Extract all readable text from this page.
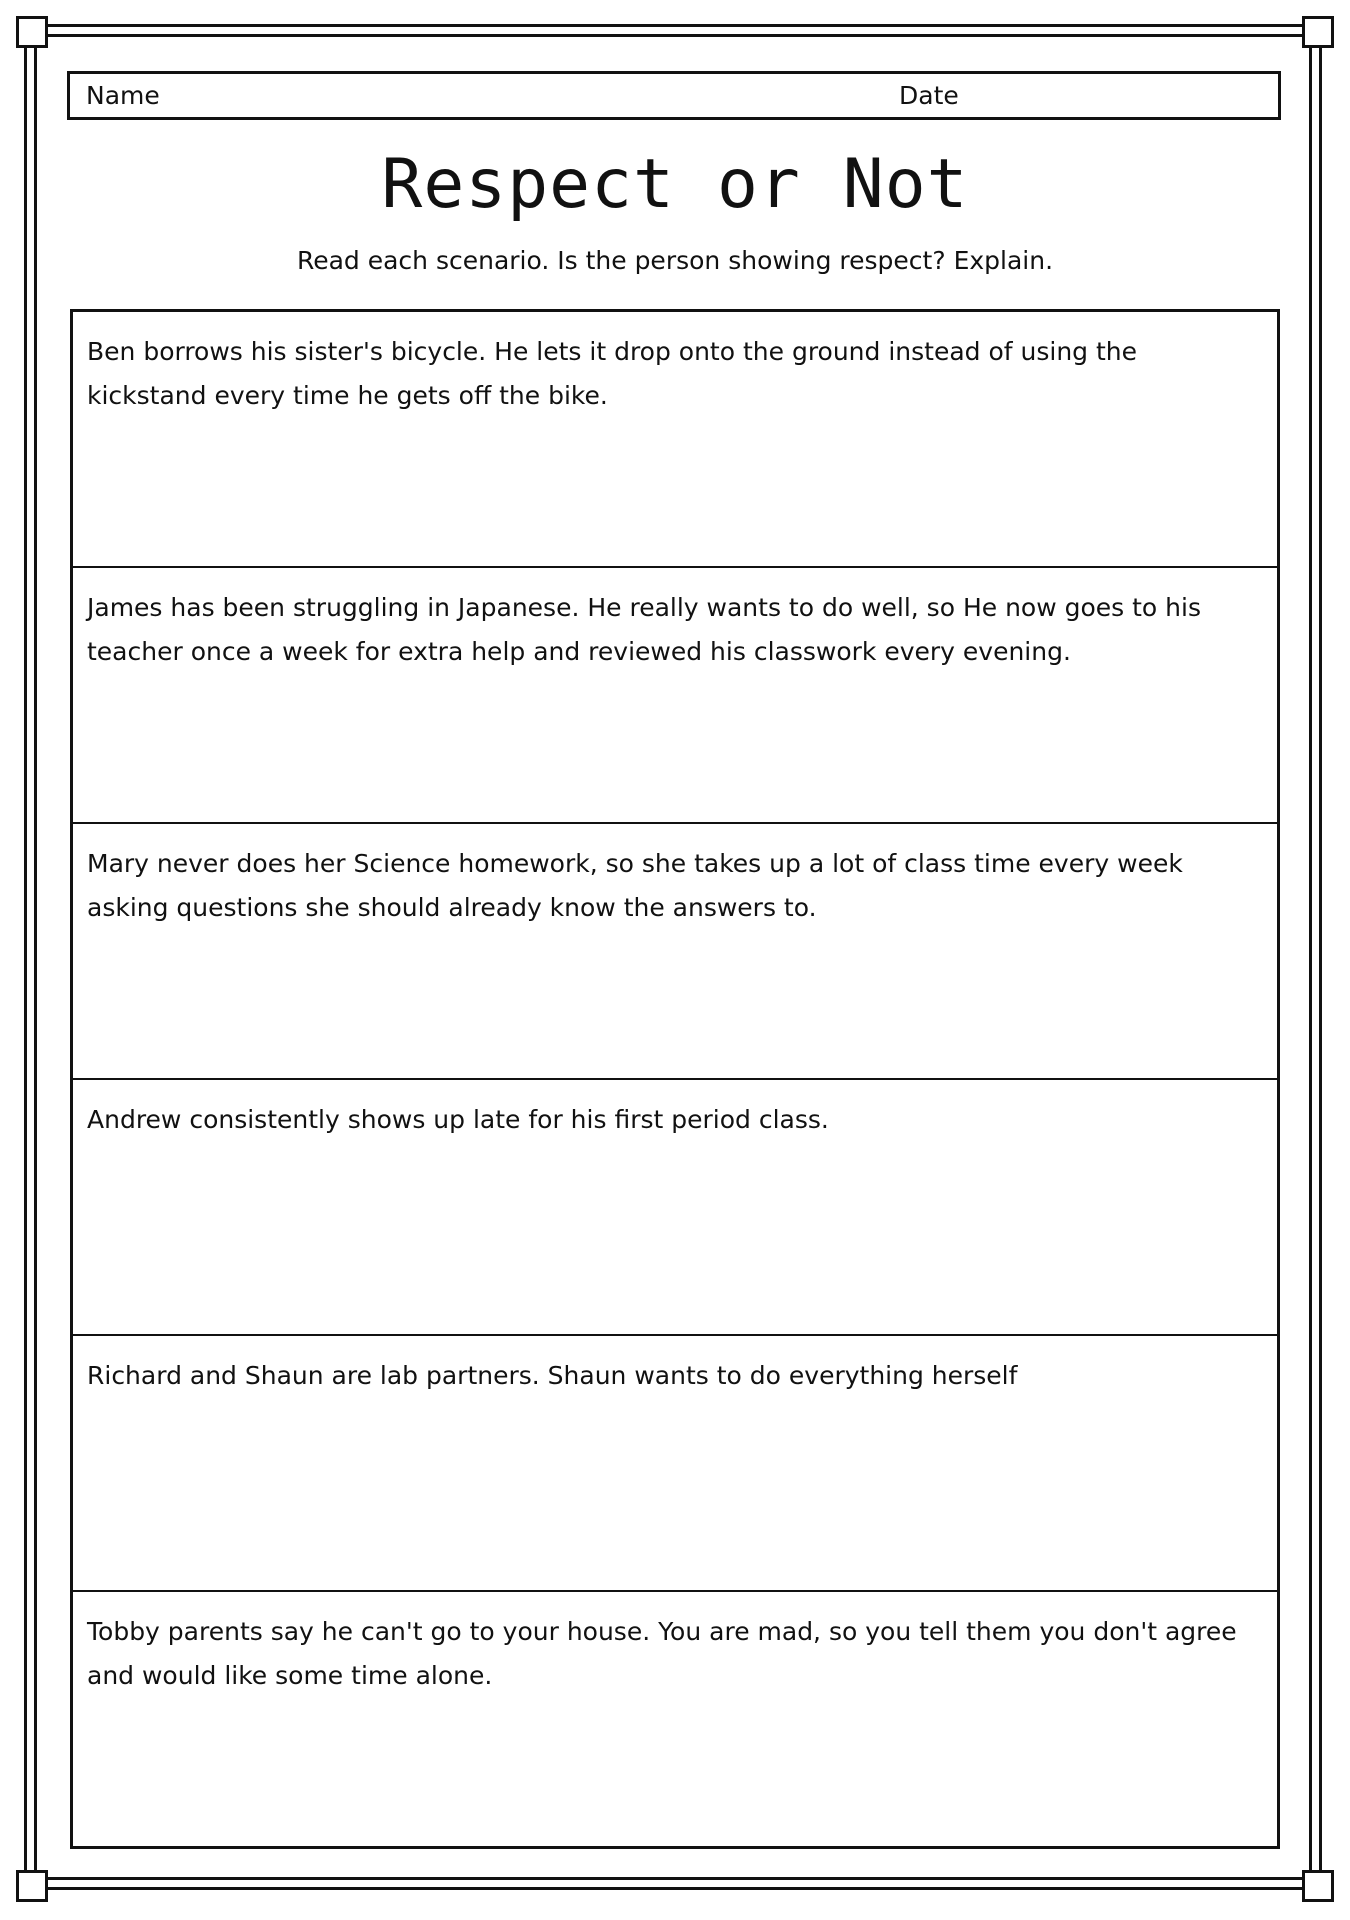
Name	Date
Respect or Not
Read each scenario. Is the person showing respect? Explain.

Ben borrows his sister's bicycle. He lets it drop onto the ground instead of using the kickstand every time he gets off the bike.

James has been struggling in Japanese. He really wants to do well, so He now goes to his teacher once a week for extra help and reviewed his classwork every evening.

Mary never does her Science homework, so she takes up a lot of class time every week asking questions she should already know the answers to.

Andrew consistently shows up late for his first period class.

Richard and Shaun are lab partners. Shaun wants to do everything herself

Tobby parents say he can't go to your house. You are mad, so you tell them you don't agree and would like some time alone.
